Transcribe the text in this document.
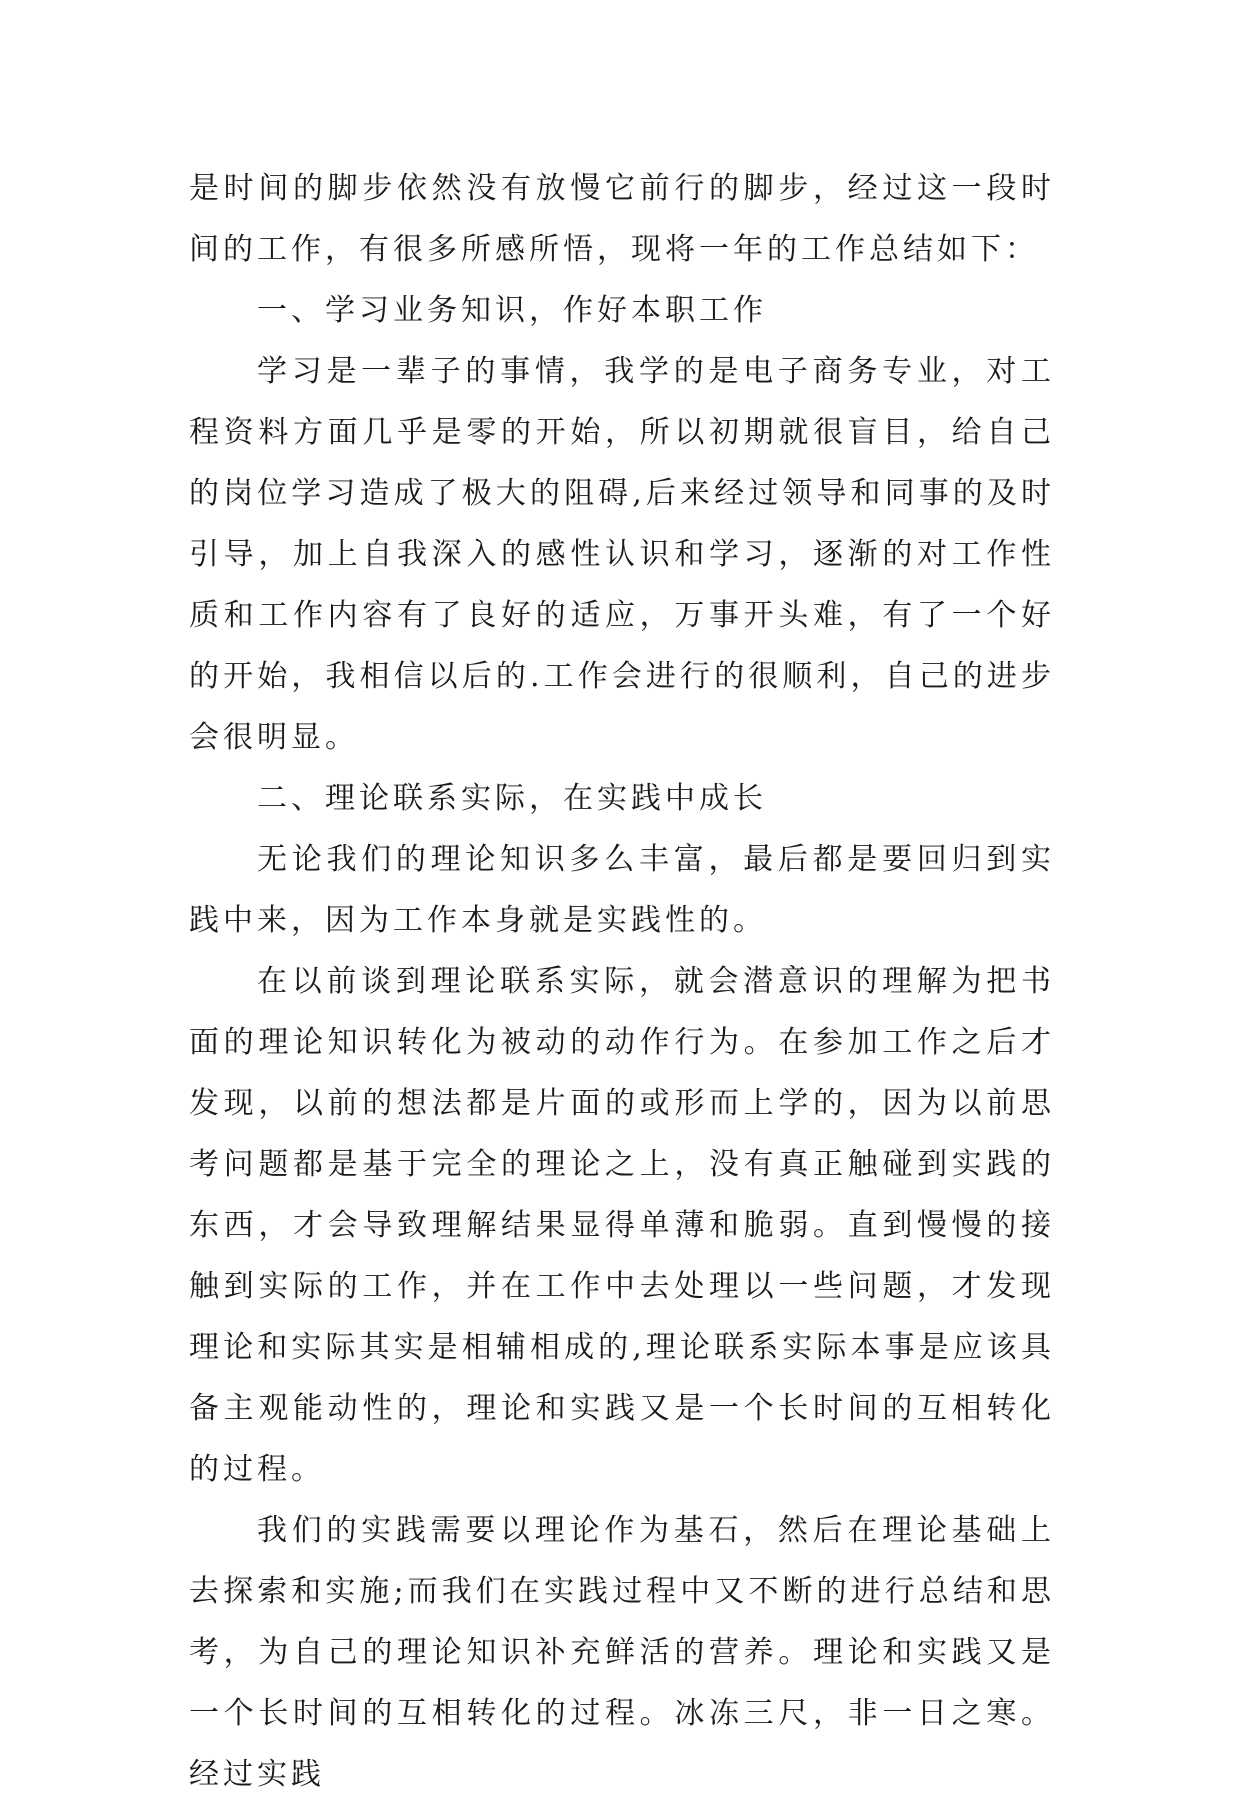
是时间的脚步依然没有放慢它前行的脚步，经过这一段时间的工作，有很多所感所悟，现将一年的工作总结如下：

一、学习业务知识，作好本职工作

学习是一辈子的事情，我学的是电子商务专业，对工程资料方面几乎是零的开始，所以初期就很盲目，给自己的岗位学习造成了极大的阻碍,后来经过领导和同事的及时引导，加上自我深入的感性认识和学习，逐渐的对工作性质和工作内容有了良好的适应，万事开头难，有了一个好的开始，我相信以后的.工作会进行的很顺利，自己的进步会很明显。

二、理论联系实际，在实践中成长

无论我们的理论知识多么丰富，最后都是要回归到实践中来，因为工作本身就是实践性的。

在以前谈到理论联系实际，就会潜意识的理解为把书面的理论知识转化为被动的动作行为。在参加工作之后才发现，以前的想法都是片面的或形而上学的，因为以前思考问题都是基于完全的理论之上，没有真正触碰到实践的东西，才会导致理解结果显得单薄和脆弱。直到慢慢的接触到实际的工作，并在工作中去处理以一些问题，才发现理论和实际其实是相辅相成的,理论联系实际本事是应该具备主观能动性的，理论和实践又是一个长时间的互相转化的过程。

我们的实践需要以理论作为基石，然后在理论基础上去探索和实施;而我们在实践过程中又不断的进行总结和思考，为自己的理论知识补充鲜活的营养。理论和实践又是一个长时间的互相转化的过程。冰冻三尺，非一日之寒。经过实践
